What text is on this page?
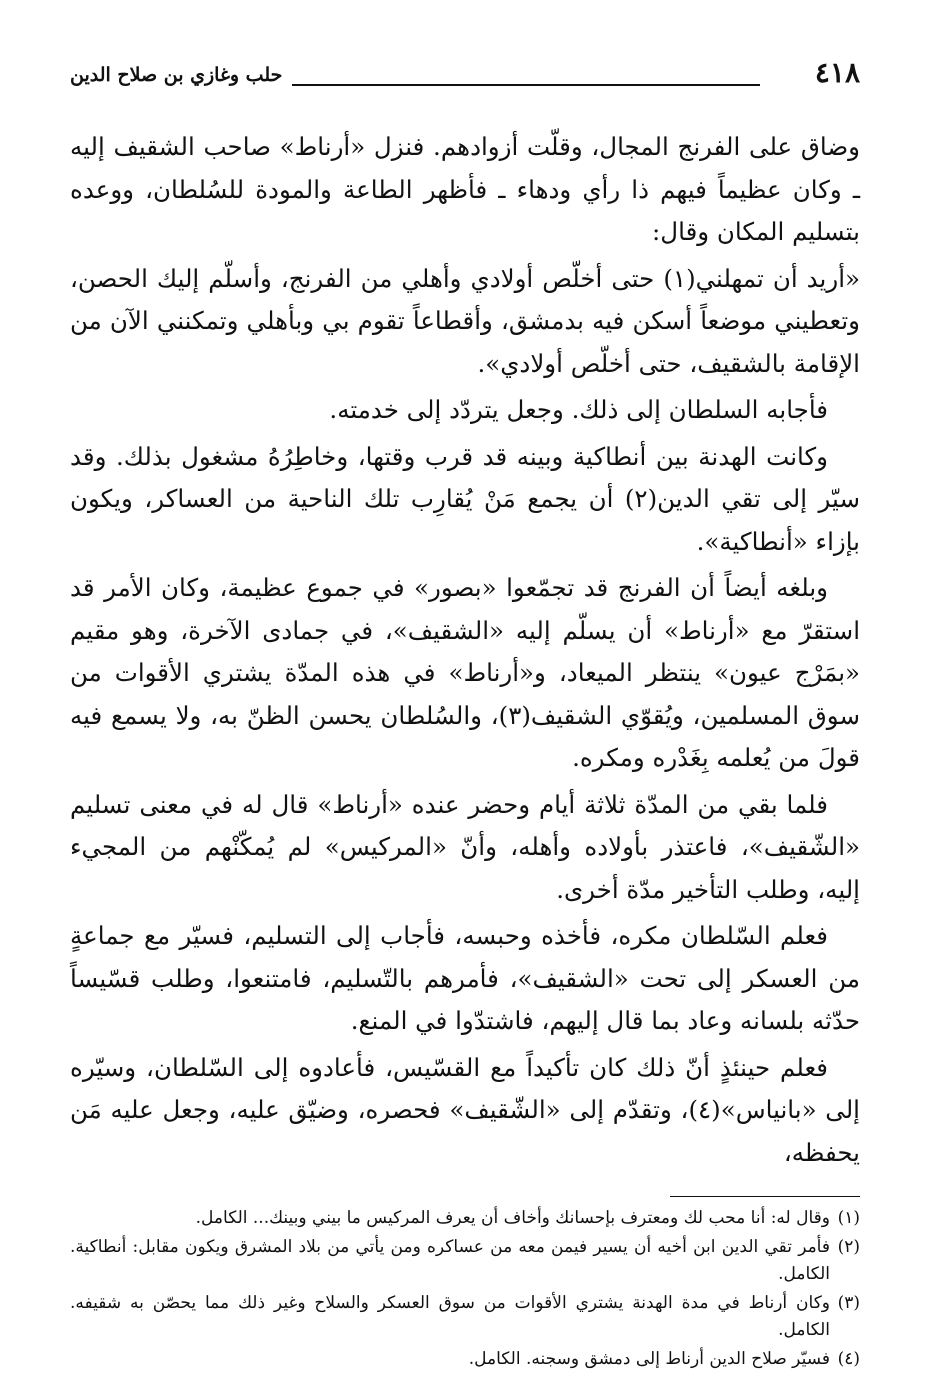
٤١٨
حلب وغازي بن صلاح الدين

وضاق على الفرنج المجال، وقلّت أزوادهم. فنزل «أرناط» صاحب الشقيف إليه ـ وكان عظيماً فيهم ذا رأي ودهاء ـ فأظهر الطاعة والمودة للسُلطان، ووعده بتسليم المكان وقال:

«أريد أن تمهلني(١) حتى أخلّص أولادي وأهلي من الفرنج، وأسلّم إليك الحصن، وتعطيني موضعاً أسكن فيه بدمشق، وأقطاعاً تقوم بي وبأهلي وتمكنني الآن من الإقامة بالشقيف، حتى أخلّص أولادي».

فأجابه السلطان إلى ذلك. وجعل يتردّد إلى خدمته.

وكانت الهدنة بين أنطاكية وبينه قد قرب وقتها، وخاطِرُهُ مشغول بذلك. وقد سيّر إلى تقي الدين(٢) أن يجمع مَنْ يُقارِب تلك الناحية من العساكر، ويكون بإزاء «أنطاكية».

وبلغه أيضاً أن الفرنج قد تجمّعوا «بصور» في جموع عظيمة، وكان الأمر قد استقرّ مع «أرناط» أن يسلّم إليه «الشقيف»، في جمادى الآخرة، وهو مقيم «بمَرْج عيون» ينتظر الميعاد، و«أرناط» في هذه المدّة يشتري الأقوات من سوق المسلمين، ويُقوّي الشقيف(٣)، والسُلطان يحسن الظنّ به، ولا يسمع فيه قولَ من يُعلمه بِغَدْره ومكره.

فلما بقي من المدّة ثلاثة أيام وحضر عنده «أرناط» قال له في معنى تسليم «الشّقيف»، فاعتذر بأولاده وأهله، وأنّ «المركيس» لم يُمكّنْهم من المجيء إليه، وطلب التأخير مدّة أخرى.

فعلم السّلطان مكره، فأخذه وحبسه، فأجاب إلى التسليم، فسيّر مع جماعةٍ من العسكر إلى تحت «الشقيف»، فأمرهم بالتّسليم، فامتنعوا، وطلب قسّيساً حدّثه بلسانه وعاد بما قال إليهم، فاشتدّوا في المنع.

فعلم حينئذٍ أنّ ذلك كان تأكيداً مع القسّيس، فأعادوه إلى السّلطان، وسيّره إلى «بانياس»(٤)، وتقدّم إلى «الشّقيف» فحصره، وضيّق عليه، وجعل عليه مَن يحفظه،

(١)
وقال له: أنا محب لك ومعترف بإحسانك وأخاف أن يعرف المركيس ما بيني وبينك... الكامل.
(٢)
فأمر تقي الدين ابن أخيه أن يسير فيمن معه من عساكره ومن يأتي من بلاد المشرق ويكون مقابل: أنطاكية. الكامل.
(٣)
وكان أرناط في مدة الهدنة يشتري الأقوات من سوق العسكر والسلاح وغير ذلك مما يحصّن به شقيفه. الكامل.
(٤)
فسيّر صلاح الدين أرناط إلى دمشق وسجنه. الكامل.
